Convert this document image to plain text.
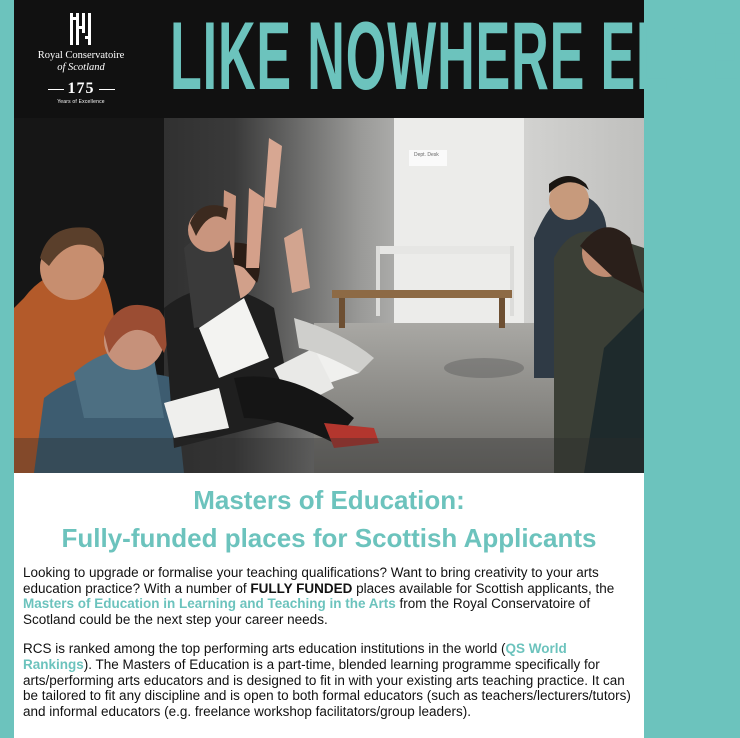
Royal Conservatoire
of Scotland
175
Years of Excellence	LIKE NOWHERE ELSE
Dept. Desk
Masters of Education:
Fully-funded places for Scottish Applicants

Looking to upgrade or formalise your teaching qualifications? Want to bring creativity to your arts education practice? With a number of FULLY FUNDED places available for Scottish applicants, the Masters of Education in Learning and Teaching in the Arts from the Royal Conservatoire of Scotland could be the next step your career needs.

RCS is ranked among the top performing arts education institutions in the world (QS World Rankings). The Masters of Education is a part-time, blended learning programme specifically for arts/performing arts educators and is designed to fit in with your existing arts teaching practice. It can be tailored to fit any discipline and is open to both formal educators (such as teachers/lecturers/tutors) and informal educators (e.g. freelance workshop facilitators/group leaders).
